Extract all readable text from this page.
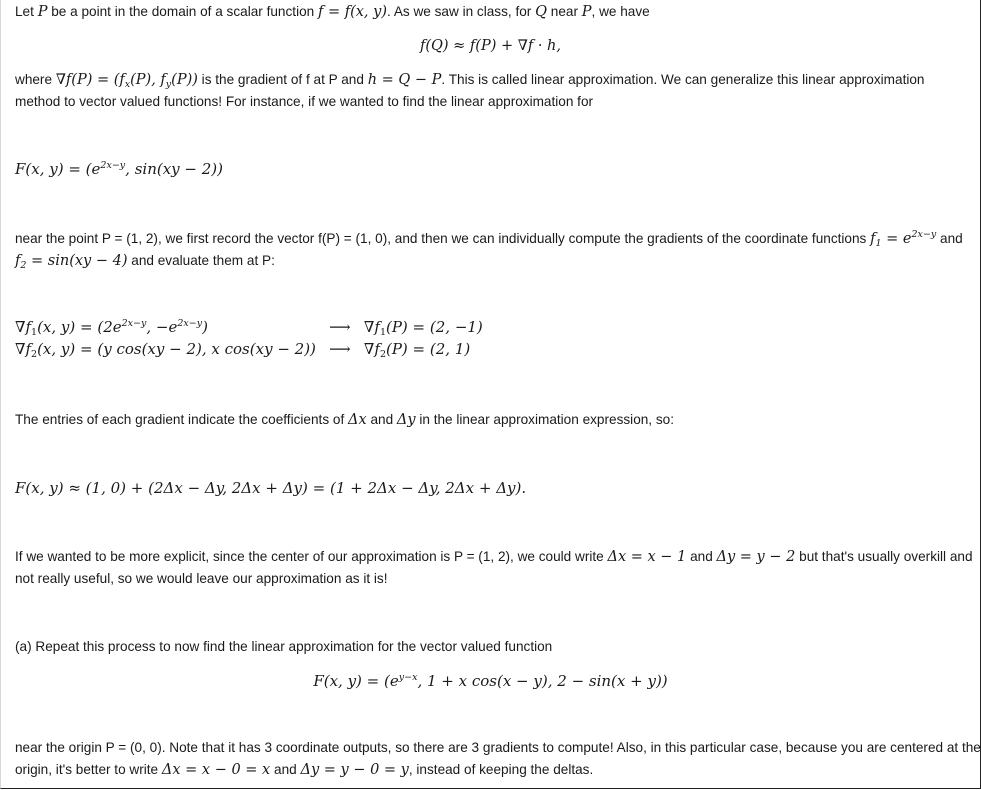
Let P be a point in the domain of a scalar function f = f(x, y). As we saw in class, for Q near P, we have
f(Q) ≈ f(P) + ∇f · h,
where $\nabla f(P) = (f_x(P)$, $f_y(P)$) is the gradient of f at P and h = Q − P. This is called linear approximation. We can generalize this linear approximation
method to vector valued functions! For instance, if we wanted to find the linear approximation for
F(x, $y) = (e^{2x-y}$, sin(xy − 2))
near the point P = (1, 2), we first record the vector f(P) = (1, 0), and then we can individually compute the gradients of the coordinate functions $f_1 = e^{2x-y}$ and
$f_2 = \sin(xy - 4)$ and evaluate them at P:
$\nabla f_1(x$, $y) = (2e^{2x-y}$, $-e^{2x-y}$)	⟶	$\nabla f_1(P) = (2$, −1)
$\nabla f_2(x$, y) = (y cos(xy − 2), x cos(xy − 2))	⟶	$\nabla f_2(P) = (2$, 1)
The entries of each gradient indicate the coefficients of Δx and Δy in the linear approximation expression, so:
F(x, y) ≈ (1, 0) + (2Δx − Δy, 2Δx + Δy) = (1 + 2Δx − Δy, 2Δx + Δy).
If we wanted to be more explicit, since the center of our approximation is P = (1, 2), we could write Δx = x − 1 and Δy = y − 2 but that's usually overkill and
not really useful, so we would leave our approximation as it is!
(a) Repeat this process to now find the linear approximation for the vector valued function
F(x, $y) = (e^{y-x}$, 1 + x cos(x − y), 2 − sin(x + y))
near the origin P = (0, 0). Note that it has 3 coordinate outputs, so there are 3 gradients to compute! Also, in this particular case, because you are centered at the
origin, it's better to write Δx = x − 0 = x and Δy = y − 0 = y, instead of keeping the deltas.
